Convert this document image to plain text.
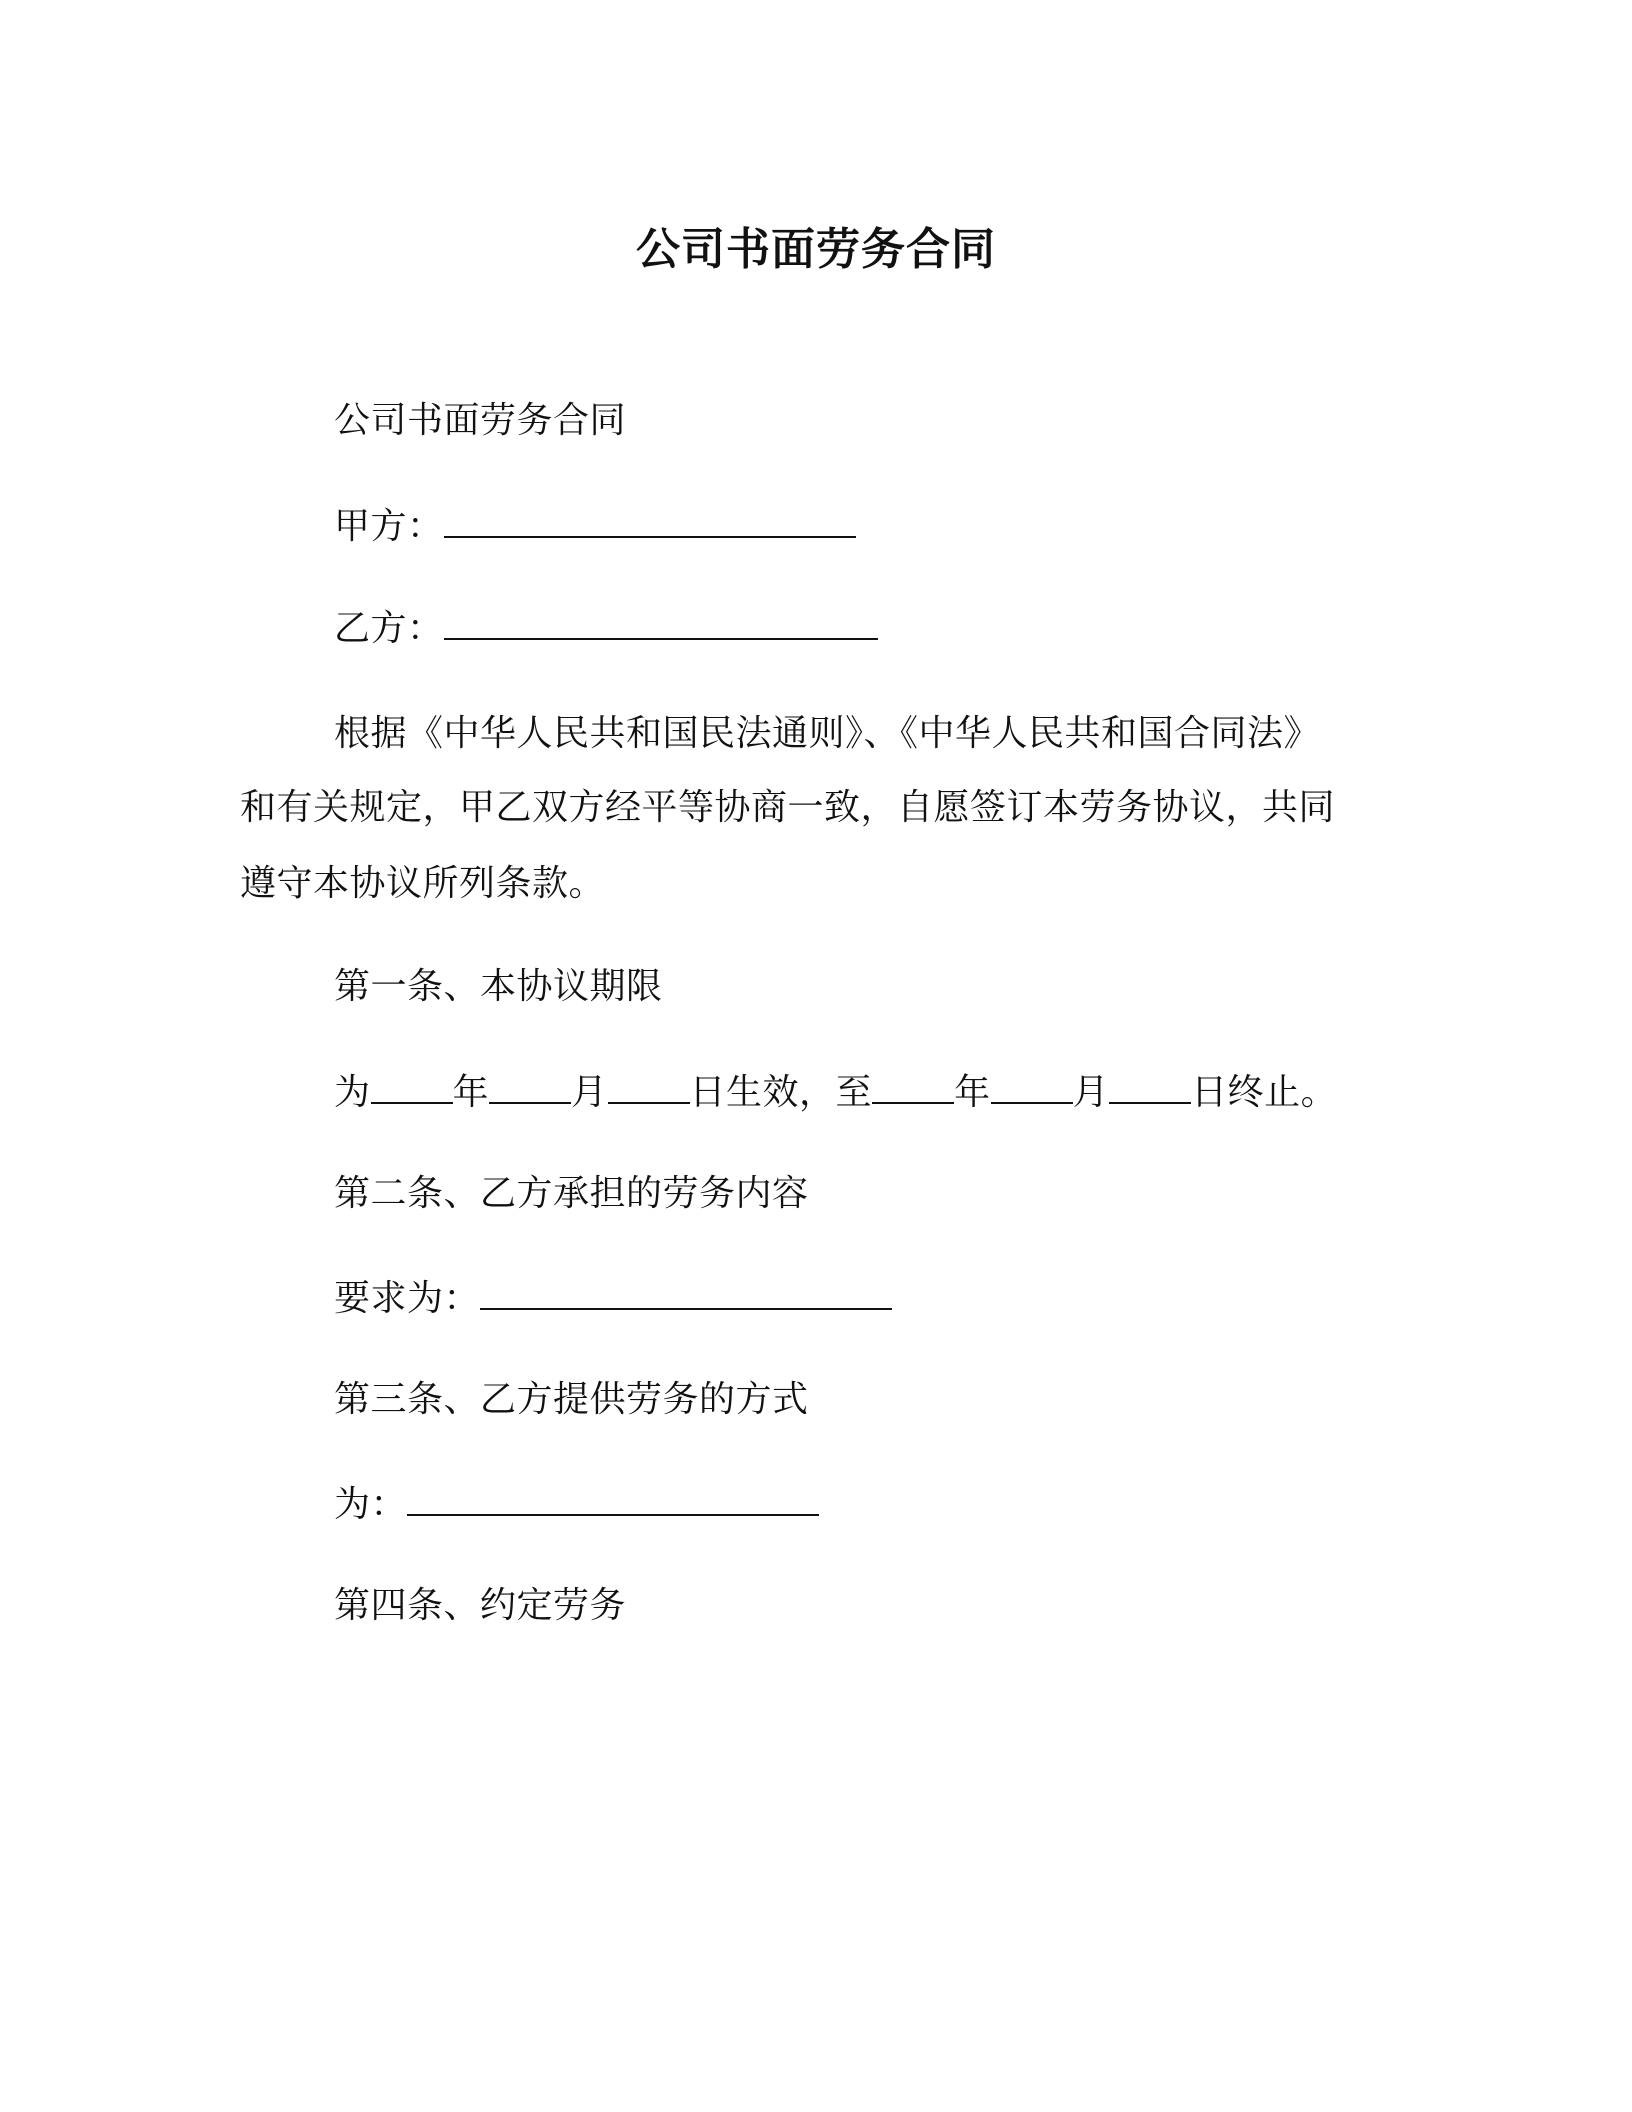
公司书面劳务合同
公司书面劳务合同
甲方：
乙方：
根据《中华人民共和国民法通则》、《中华人民共和国合同法》
和有关规定，甲乙双方经平等协商一致，自愿签订本劳务协议，共同
遵守本协议所列条款。
第一条、本协议期限
为 年 月 日生效，至 年 月 日终止。
第二条、乙方承担的劳务内容
要求为：
第三条、乙方提供劳务的方式
为：
第四条、约定劳务
